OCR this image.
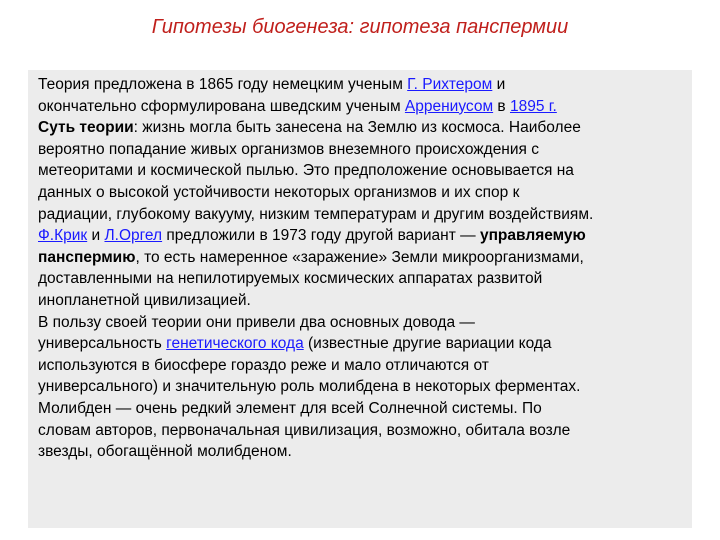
Гипотезы биогенеза: гипотеза панспермии
Теория предложена в 1865 году немецким ученым Г. Рихтером и
окончательно сформулирована шведским ученым Аррениусом в 1895 г.
Суть теории: жизнь могла быть занесена на Землю из космоса. Наиболее
вероятно попадание живых организмов внеземного происхождения с
метеоритами и космической пылью. Это предположение основывается на
данных о высокой устойчивости некоторых организмов и их спор к
радиации, глубокому вакууму, низким температурам и другим воздействиям.
Ф.Крик и Л.Оргел предложили в 1973 году другой вариант — управляемую
панспермию, то есть намеренное «заражение» Земли микроорганизмами,
доставленными на непилотируемых космических аппаратах развитой
инопланетной цивилизацией.
В пользу своей теории они привели два основных довода —
универсальность генетического кода (известные другие вариации кода
используются в биосфере гораздо реже и мало отличаются от
универсального) и значительную роль молибдена в некоторых ферментах.
Молибден — очень редкий элемент для всей Солнечной системы. По
словам авторов, первоначальная цивилизация, возможно, обитала возле
звезды, обогащённой молибденом.
